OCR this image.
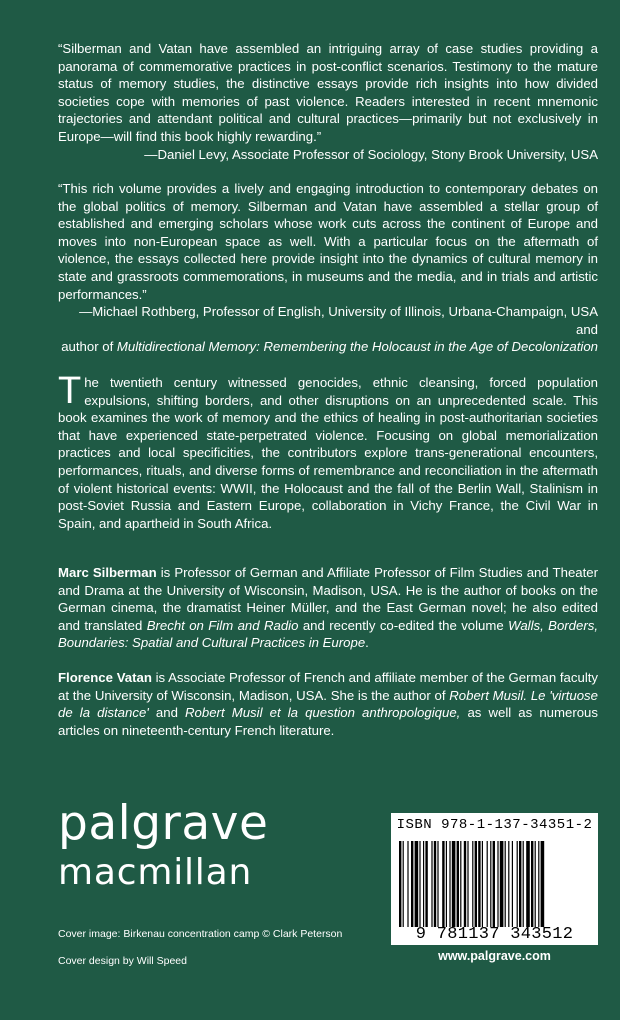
“Silberman and Vatan have assembled an intriguing array of case studies providing a panorama of commemorative practices in post-conflict scenarios. Testimony to the mature status of memory studies, the distinctive essays provide rich insights into how divided societies cope with memories of past violence. Readers interested in recent mnemonic trajectories and attendant political and cultural practices—primarily but not exclusively in Europe—will find this book highly rewarding.”
—Daniel Levy, Associate Professor of Sociology, Stony Brook University, USA
“This rich volume provides a lively and engaging introduction to contemporary debates on the global politics of memory. Silberman and Vatan have assembled a stellar group of established and emerging scholars whose work cuts across the continent of Europe and moves into non-European space as well. With a particular focus on the aftermath of violence, the essays collected here provide insight into the dynamics of cultural memory in state and grassroots commemorations, in museums and the media, and in trials and artistic performances.”
—Michael Rothberg, Professor of English, University of Illinois, Urbana-Champaign, USA and
author of Multidirectional Memory: Remembering the Holocaust in the Age of Decolonization
The twentieth century witnessed genocides, ethnic cleansing, forced population expulsions, shifting borders, and other disruptions on an unprecedented scale. This book examines the work of memory and the ethics of healing in post-authoritarian societies that have experienced state-perpetrated violence. Focusing on global memorialization practices and local specificities, the contributors explore trans-generational encounters, performances, rituals, and diverse forms of remembrance and reconciliation in the aftermath of violent historical events: WWII, the Holocaust and the fall of the Berlin Wall, Stalinism in post-Soviet Russia and Eastern Europe, collaboration in Vichy France, the Civil War in Spain, and apartheid in South Africa.
Marc Silberman is Professor of German and Affiliate Professor of Film Studies and Theater and Drama at the University of Wisconsin, Madison, USA. He is the author of books on the German cinema, the dramatist Heiner Müller, and the East German novel; he also edited and translated Brecht on Film and Radio and recently co-edited the volume Walls, Borders, Boundaries: Spatial and Cultural Practices in Europe.
Florence Vatan is Associate Professor of French and affiliate member of the German faculty at the University of Wisconsin, Madison, USA. She is the author of Robert Musil. Le 'virtuose de la distance' and Robert Musil et la question anthropologique, as well as numerous articles on nineteenth-century French literature.
palgrave
macmillan
Cover image: Birkenau concentration camp © Clark Peterson
Cover design by Will Speed
ISBN 978-1-137-34351-2
9 781137 343512
www.palgrave.com
